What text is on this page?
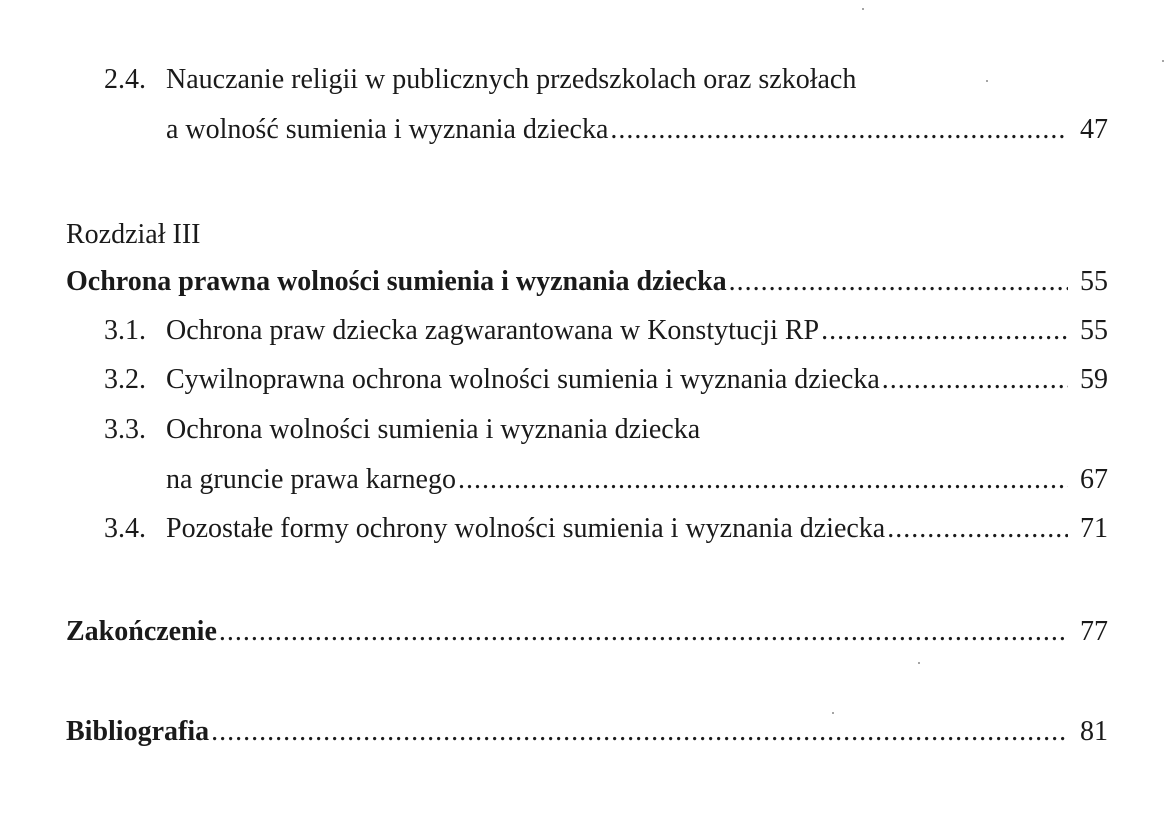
2.4. Nauczanie religii w publicznych przedszkolach oraz szkołach
a wolność sumienia i wyznania dziecka .....	47
Rozdział III
Ochrona prawna wolności sumienia i wyznania dziecka .....	55
3.1. Ochrona praw dziecka zagwarantowana w Konstytucji RP .....	55
3.2. Cywilnoprawna ochrona wolności sumienia i wyznania dziecka .....	59
3.3. Ochrona wolności sumienia i wyznania dziecka
na gruncie prawa karnego .....	67
3.4. Pozostałe formy ochrony wolności sumienia i wyznania dziecka .....	71
Zakończenie .....	77
Bibliografia .....	81
